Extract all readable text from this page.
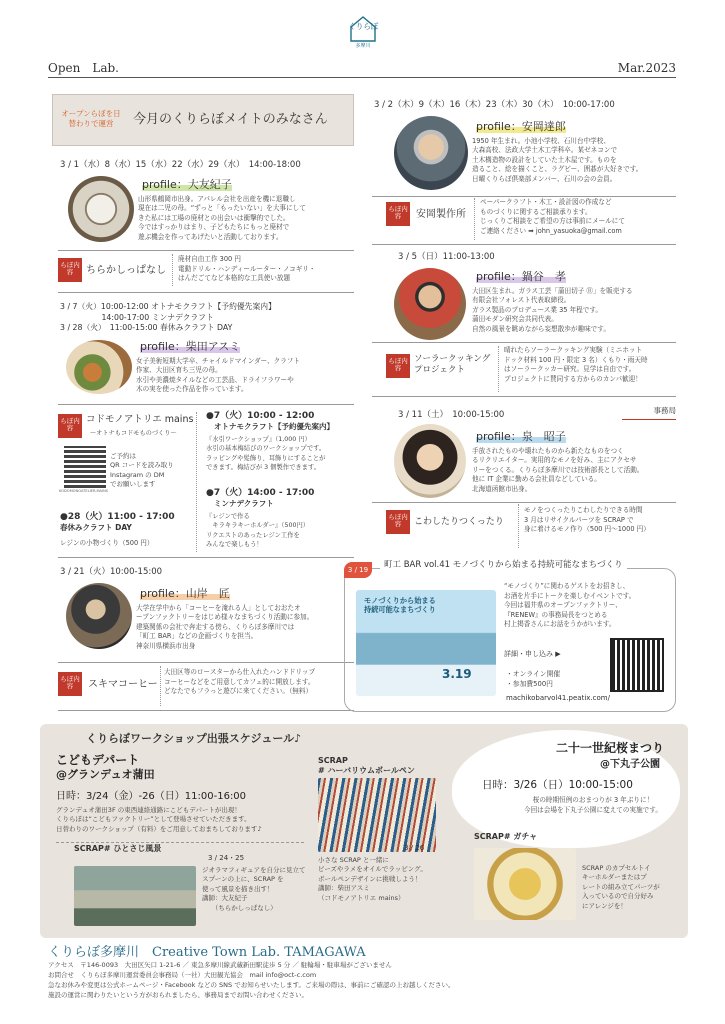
くりらぼ
多摩川
Open　Lab.	Mar.2023
オープンらぼを日替わりで運営	今月のくりらぼメイトのみなさん
3 / 1（水）8（水）15（水）22（水）29（水）　14:00-18:00
profile：大友紀子
山形県鶴岡市出身。アパレル会社を出産を機に退職し
現在は二児の母。“ずっと「もったいない」を大事にして
きた私には工場の廃材との出会いは衝撃的でした。
今ではすっかりはまり、子どもたちにもっと廃材で
遊ぶ機会を作ってあげたいと活動しております。
らぼ内容	ちらかしっぱなし
廃材自由工作 300 円
電動ドリル・ハンディールーター・ノコギリ・
はんだごてなど本格的な工具使い放題
3 / 7（火）10:00-12:00 オトナモクラフト【予約優先案内】
　　　　　 14:00-17:00 ミンナデクラフト
3 / 28（火）　11:00-15:00 春休みクラフト DAY
profile：柴田アスミ
女子美術短期大学卒、チャイルドマインダー、クラフト
作家、大田区育ち三児の母。
水引や美濃焼タイルなどの工芸品、ドライフラワーや
木の実を使った作品を作っています。
らぼ内容
コドモノアトリエ mains
〜オトナもコドモものづくり〜
KODOMONOATELIER.MAINS
ご予約は
QR コードを読み取り
Instagram の DM
でお願いします
●28（火）11:00 - 17:00
春休みクラフト DAY
レジンの小物づくり（500 円）
●7（火）10:00 - 12:00
オトナモクラフト【予約優先案内】
『水引ワークショップ』（1,000 円）
水引の基本梅結びのワークショップです。
ラッピングや髪飾り、耳飾りにすることが
できます。梅結びが 3 個製作できます。
●7（火）14:00 - 17:00
ミンナデクラフト
『レジンで作る
　キラキラキーホルダー』（500円）
リクエストのあったレジン工作を
みんなで楽しもう！
3 / 21（火）10:00-15:00
profile：山岸　匠
大学在学中から「コーヒーを淹れる人」としておおたオ
ープンファクトリーをはじめ様々なまちづくり活動に参加。
建築関係の会社で奔走する傍ら、くりらぼ多摩川では
「町工 BAR」などの企画づくりを担当。
神奈川県横浜市出身
らぼ内容	スキマコーヒー
大田区等のロースターから仕入れたハンドドリップ
コーヒーなどをご用意してカフェ的に開放します。
どなたでもフラっと遊びに来てください。（無料）
3 / 2（木）9（木）16（木）23（木）30（木）　10:00-17:00
profile：安岡達郎
1950 年生まれ。小池小学校、石川台中学校、
大森高校、法政大学土木工学科卒。某ゼネコンで
土木構造物の設計をしていた土木屋です。ものを
造ること、絵を描くこと、ラグビー、囲碁が大好きです。
日曜くりらぼ倶楽部メンバー、石川の会の会員。
らぼ内容	安岡製作所
ペーパークラフト・木工・設計図の作成など
ものづくりに関するご相談承ります。
じっくりご相談をご希望の方は事前にメールにて
ご連絡ください ➡ john_yasuoka@gmail.com
3 / 5（日）11:00-13:00
profile：鍋谷　孝
大田区生まれ。ガラス工芸「蒲田切子 Ⓡ」を販売する
有限会社フォレスト代表取締役。
ガラス製品のプロデュース業 35 年程です。
蒲田モダン研究会共同代表。
自然の風景を眺めながら妄想散歩が趣味です。
らぼ内容
ソーラークッキング
プロジェクト
晴れたらソーラークッキング実験（ミニホット
ドック材料 100 円・限定 3 名）くもり・雨天時
はソーラークッカー研究。見学は自由です。
プロジェクトに賛同する方からのカンパ歓迎！
3 / 11（土）　10:00-15:00	事務局
profile：泉　昭子
手放されたものや壊れたものから新たなものをつく
るリクリエイター。実用的なモノを好み、主にアクセサ
リーをつくる。くりらぼ多摩川では技術部長として活動。
他に IT 企業に勤める会社員などしている。
北海道函館市出身。
らぼ内容	こわしたりつくったり
モノをつくったりこわしたりできる時間
3 月はリサイクルパーツを SCRAP で
身に着けるモノ作り（500 円〜1000 円）
3 / 19	町工 BAR vol.41 モノづくりから始まる持続可能なまちづくり
モノづくりから始まる
持続可能なまちづくり
3.19
“モノづくり”に関わるゲストをお招きし、
お酒を片手にトークを楽しむイベントです。
今回は福井県のオープンファクトリー、
『RENEW』の事務局長をつとめる
村上掲香さんにお話をうかがいます。
詳細・申し込み ▶
・オンライン開催
・参加費500円
machikobarvol41.peatix.com/
くりらぼワークショップ出張スケジュール♪
こどもデパート
@グランデュオ蒲田
日時：3/24（金）-26（日）11:00-16:00
グランデュオ蒲田3F の東西連絡通路にこどもデパートが出現！
くりらぼは“こどもファクトリー”として登場させていただきます。
日替わりのワークショップ（有料）をご用意しておまちしております♪
SCRAP# ひとさじ風景
3 / 24・25
ジオラマフィギュアを自分に見立て
スプーンの上に、SCRAP を
使って風景を描き出す！
講師：大友紀子
　　（ちらかしっぱなし）
SCRAP
# ハーバリウムボールペン
3 / 26
小さな SCRAP と一緒に
ビーズやラメをオイルでラッピング。
ボールペンデザインに挑戦しよう！
講師：柴田アスミ
（コドモノアトリエ mains）
二十一世紀桜まつり
@下丸子公園
日時：3/26（日）10:00-15:00
桜の時期恒例のおまつりが 3 年ぶりに！
今回は会場を下丸子公園に変えての実施です。
SCRAP# ガチャ
SCRAP のカプセルトイ
キーホルダーまたはプ
レートの組み立てパーツが
入っているので自分好み
にアレンジを！
くりらぼ多摩川　Creative Town Lab. TAMAGAWA
アクセス　〒146-0093　大田区矢口 1-21-6 ／ 東急多摩川線武蔵新田駅徒歩 5 分 ／ 駐輪場・駐車場がございません
お問合せ　くりらぼ多摩川運営委員会事務局（一社）大田観光協会　mail info@oct-c.com
急なお休みや変更は公式ホームページ・Facebook などの SNS でお知らせいたします。ご来場の際は、事前にご確認の上お越しください。
施設の運営に関わりたいという方がおられましたら、事務局までお問い合わせください。
